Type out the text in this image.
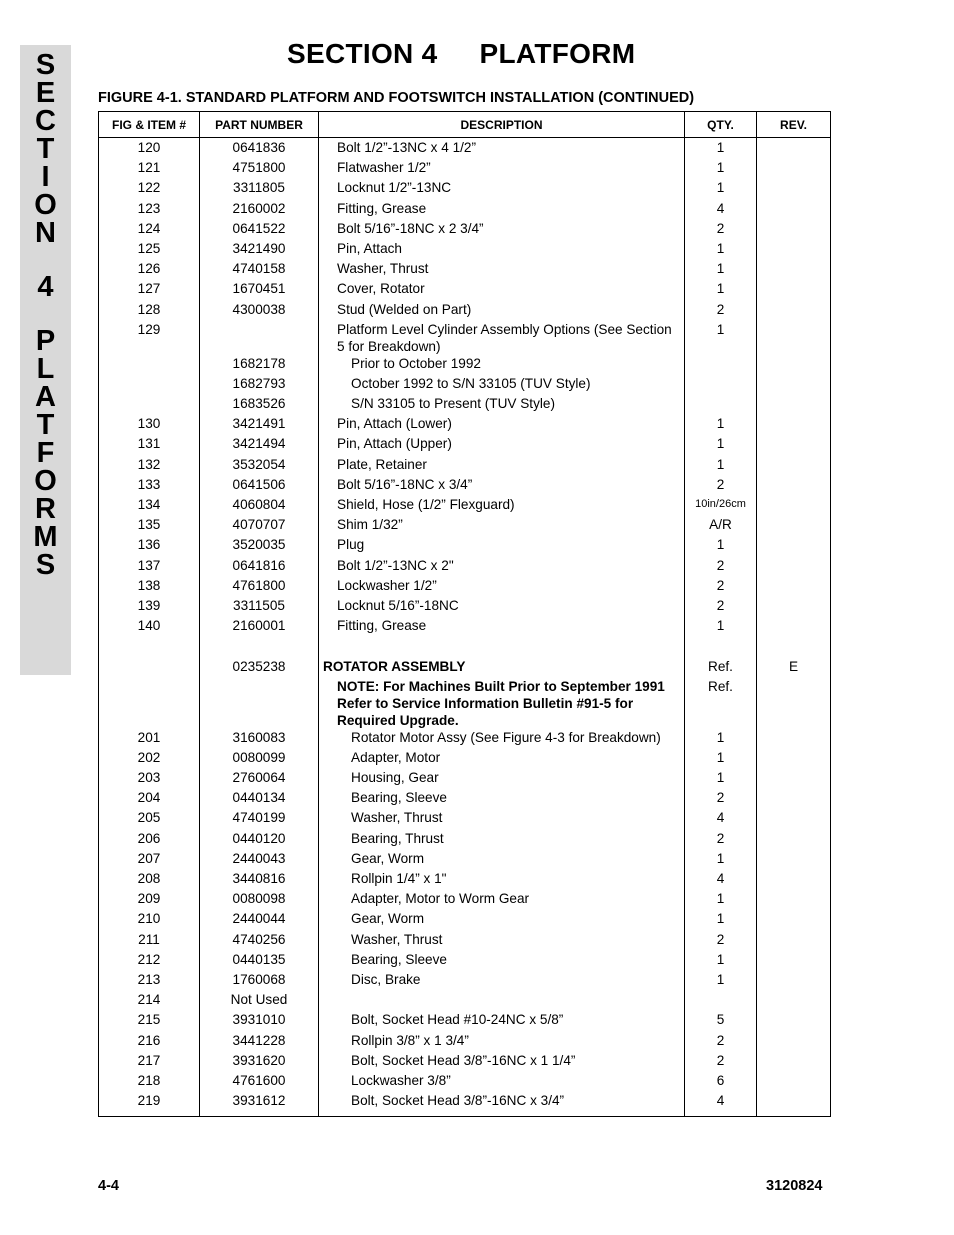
S
E
C
T
I
O
N
4
P
L
A
T
F
O
R
M
S
SECTION 4 PLATFORM
FIGURE 4-1. STANDARD PLATFORM AND FOOTSWITCH INSTALLATION (CONTINUED)
FIG & ITEM #	PART NUMBER	DESCRIPTION	QTY.	REV.
120	0641836	Bolt 1/2”-13NC x 4 1/2”	1	
121	4751800	Flatwasher 1/2”	1	
122	3311805	Locknut 1/2”-13NC	1	
123	2160002	Fitting, Grease	4	
124	0641522	Bolt 5/16”-18NC x 2 3/4”	2	
125	3421490	Pin, Attach	1	
126	4740158	Washer, Thrust	1	
127	1670451	Cover, Rotator	1	
128	4300038	Stud (Welded on Part)	2	
129		Platform Level Cylinder Assembly Options (See Section 5 for Breakdown)	1	
	1682178	Prior to October 1992		
	1682793	October 1992 to S/N 33105 (TUV Style)		
	1683526	S/N 33105 to Present (TUV Style)		
130	3421491	Pin, Attach (Lower)	1	
131	3421494	Pin, Attach (Upper)	1	
132	3532054	Plate, Retainer	1	
133	0641506	Bolt 5/16”-18NC x 3/4”	2	
134	4060804	Shield, Hose (1/2” Flexguard)	10in/26cm	
135	4070707	Shim 1/32”	A/R	
136	3520035	Plug	1	
137	0641816	Bolt 1/2”-13NC x 2"	2	
138	4761800	Lockwasher 1/2”	2	
139	3311505	Locknut 5/16”-18NC	2	
140	2160001	Fitting, Grease	1	

	0235238	ROTATOR ASSEMBLY	Ref.	E
		NOTE: For Machines Built Prior to September 1991 Refer to Service Information Bulletin #91-5 for Required Upgrade.	Ref.	
201	3160083	Rotator Motor Assy (See Figure 4-3 for Breakdown)	1	
202	0080099	Adapter, Motor	1	
203	2760064	Housing, Gear	1	
204	0440134	Bearing, Sleeve	2	
205	4740199	Washer, Thrust	4	
206	0440120	Bearing, Thrust	2	
207	2440043	Gear, Worm	1	
208	3440816	Rollpin 1/4” x 1"	4	
209	0080098	Adapter, Motor to Worm Gear	1	
210	2440044	Gear, Worm	1	
211	4740256	Washer, Thrust	2	
212	0440135	Bearing, Sleeve	1	
213	1760068	Disc, Brake	1	
214	Not Used			
215	3931010	Bolt, Socket Head #10-24NC x 5/8”	5	
216	3441228	Rollpin 3/8” x 1 3/4”	2	
217	3931620	Bolt, Socket Head 3/8”-16NC x 1 1/4”	2	
218	4761600	Lockwasher 3/8”	6	
219	3931612	Bolt, Socket Head 3/8”-16NC x 3/4”	4	
4-4	3120824
